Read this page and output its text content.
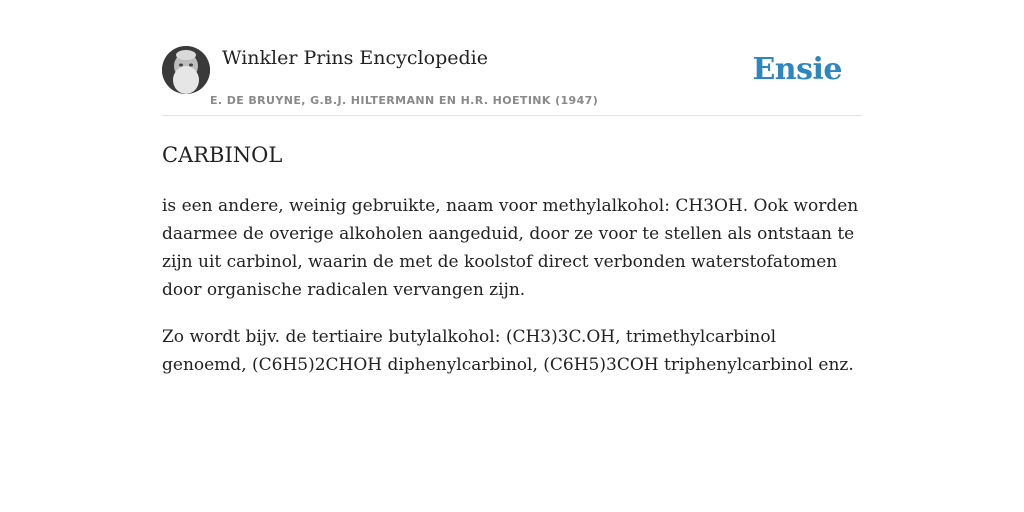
Winkler Prins Encyclopedie
E. DE BRUYNE, G.B.J. HILTERMANN EN H.R. HOETINK (1947)
Ensie
CARBINOL

is een andere, weinig gebruikte, naam voor methylalkohol: CH3OH. Ook worden daarmee de overige alkoholen aangeduid, door ze voor te stellen als ontstaan te zijn uit carbinol, waarin de met de koolstof direct verbonden waterstofatomen door organische radicalen vervangen zijn.

Zo wordt bijv. de tertiaire butylalkohol: (CH3)3C.OH, trimethylcarbinol genoemd, (C6H5)2CHOH diphenylcarbinol, (C6H5)3COH triphenylcarbinol enz.
